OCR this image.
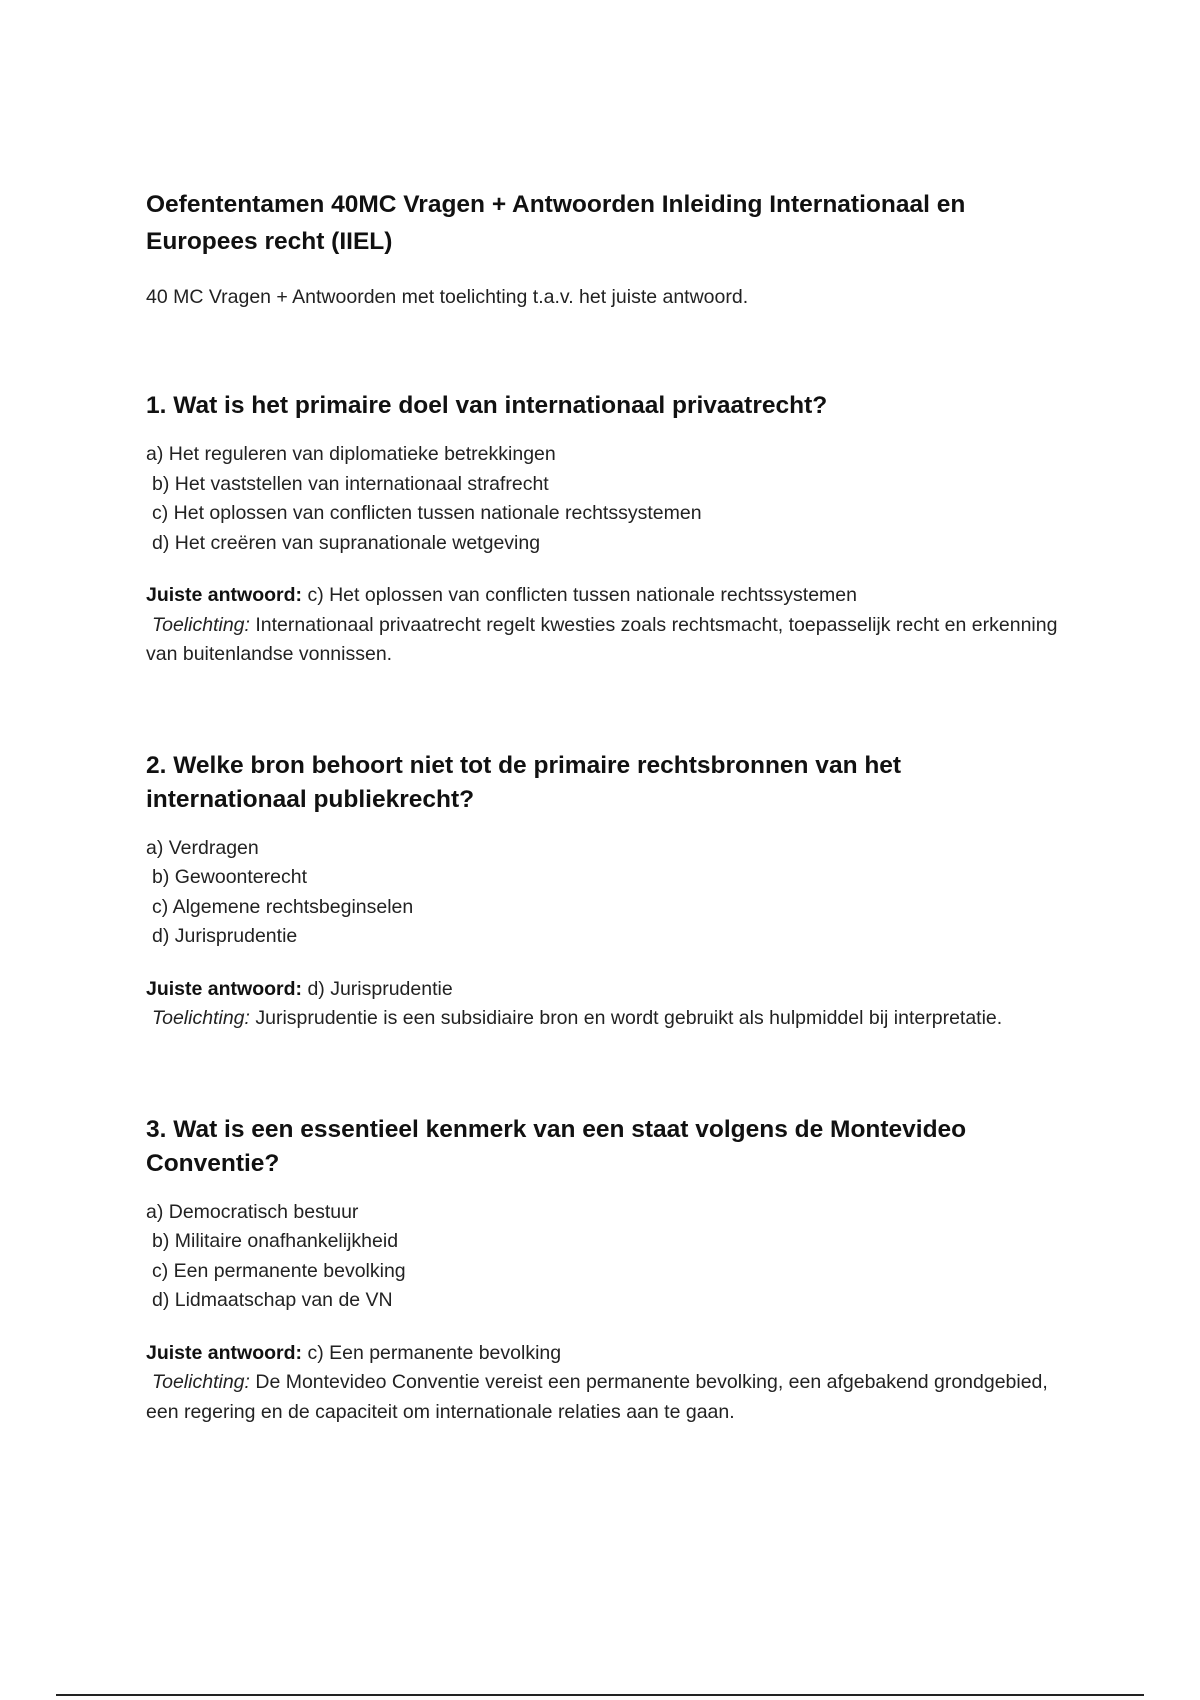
Oefententamen 40MC Vragen + Antwoorden Inleiding Internationaal en Europees recht (IIEL)

40 MC Vragen + Antwoorden met toelichting t.a.v. het juiste antwoord.

1. Wat is het primaire doel van internationaal privaatrecht?
a) Het reguleren van diplomatieke betrekkingen
b) Het vaststellen van internationaal strafrecht
c) Het oplossen van conflicten tussen nationale rechtssystemen
d) Het creëren van supranationale wetgeving
Juiste antwoord: c) Het oplossen van conflicten tussen nationale rechtssystemen
Toelichting: Internationaal privaatrecht regelt kwesties zoals rechtsmacht, toepasselijk recht en erkenning van buitenlandse vonnissen.
2. Welke bron behoort niet tot de primaire rechtsbronnen van het internationaal publiekrecht?
a) Verdragen
b) Gewoonterecht
c) Algemene rechtsbeginselen
d) Jurisprudentie
Juiste antwoord: d) Jurisprudentie
Toelichting: Jurisprudentie is een subsidiaire bron en wordt gebruikt als hulpmiddel bij interpretatie.
3. Wat is een essentieel kenmerk van een staat volgens de Montevideo Conventie?
a) Democratisch bestuur
b) Militaire onafhankelijkheid
c) Een permanente bevolking
d) Lidmaatschap van de VN
Juiste antwoord: c) Een permanente bevolking
Toelichting: De Montevideo Conventie vereist een permanente bevolking, een afgebakend grondgebied, een regering en de capaciteit om internationale relaties aan te gaan.
